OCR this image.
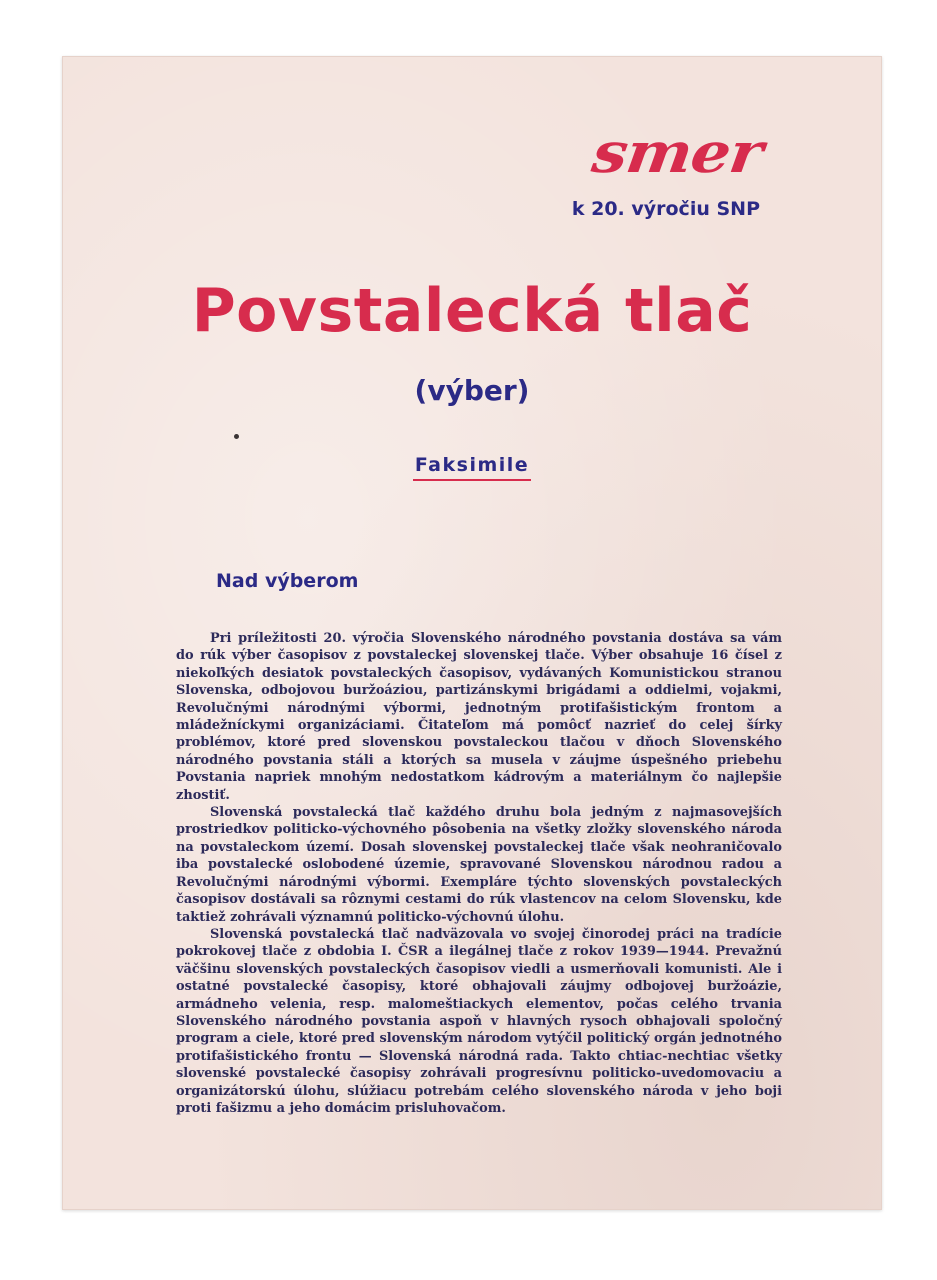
smer

k 20. výročiu SNP

Povstalecká tlač

(výber)

Faksimile

Nad výberom

Pri príležitosti 20. výročia Slovenského národného povstania dostáva sa vám do rúk výber časopisov z povstaleckej slovenskej tlače. Výber obsahuje 16 čísel z niekoľkých desiatok povstaleckých časopisov, vydávaných Komunistickou stranou Slovenska, odbojovou buržoáziou, partizánskymi brigádami a oddielmi, vojakmi, Revolučnými národnými výbormi, jednotným protifašistickým frontom a mládežníckymi organizáciami. Čitateľom má pomôcť nazrieť do celej šírky problémov, ktoré pred slovenskou povstaleckou tlačou v dňoch Slovenského národného povstania stáli a ktorých sa musela v záujme úspešného priebehu Povstania napriek mnohým nedostatkom kádrovým a materiálnym čo najlepšie zhostiť.

Slovenská povstalecká tlač každého druhu bola jedným z najmasovejších prostriedkov politicko-výchovného pôsobenia na všetky zložky slovenského národa na povstaleckom území. Dosah slovenskej povstaleckej tlače však neohraničovalo iba povstalecké oslobodené územie, spravované Slovenskou národnou radou a Revolučnými národnými výbormi. Exempláre týchto slovenských povstaleckých časopisov dostávali sa rôznymi cestami do rúk vlastencov na celom Slovensku, kde taktiež zohrávali významnú politicko-výchovnú úlohu.

Slovenská povstalecká tlač nadväzovala vo svojej činorodej práci na tradície pokrokovej tlače z obdobia I. ČSR a ilegálnej tlače z rokov 1939—1944. Prevažnú väčšinu slovenských povstaleckých časopisov viedli a usmerňovali komunisti. Ale i ostatné povstalecké časopisy, ktoré obhajovali záujmy odbojovej buržoázie, armádneho velenia, resp. malomeštiackych elementov, počas celého trvania Slovenského národného povstania aspoň v hlavných rysoch obhajovali spoločný program a ciele, ktoré pred slovenským národom vytýčil politický orgán jednotného protifašistického frontu — Slovenská národná rada. Takto chtiac-nechtiac všetky slovenské povstalecké časopisy zohrávali progresívnu politicko-uvedomovaciu a organizátorskú úlohu, slúžiacu potrebám celého slovenského národa v jeho boji proti fašizmu a jeho domácim prisluhovačom.
